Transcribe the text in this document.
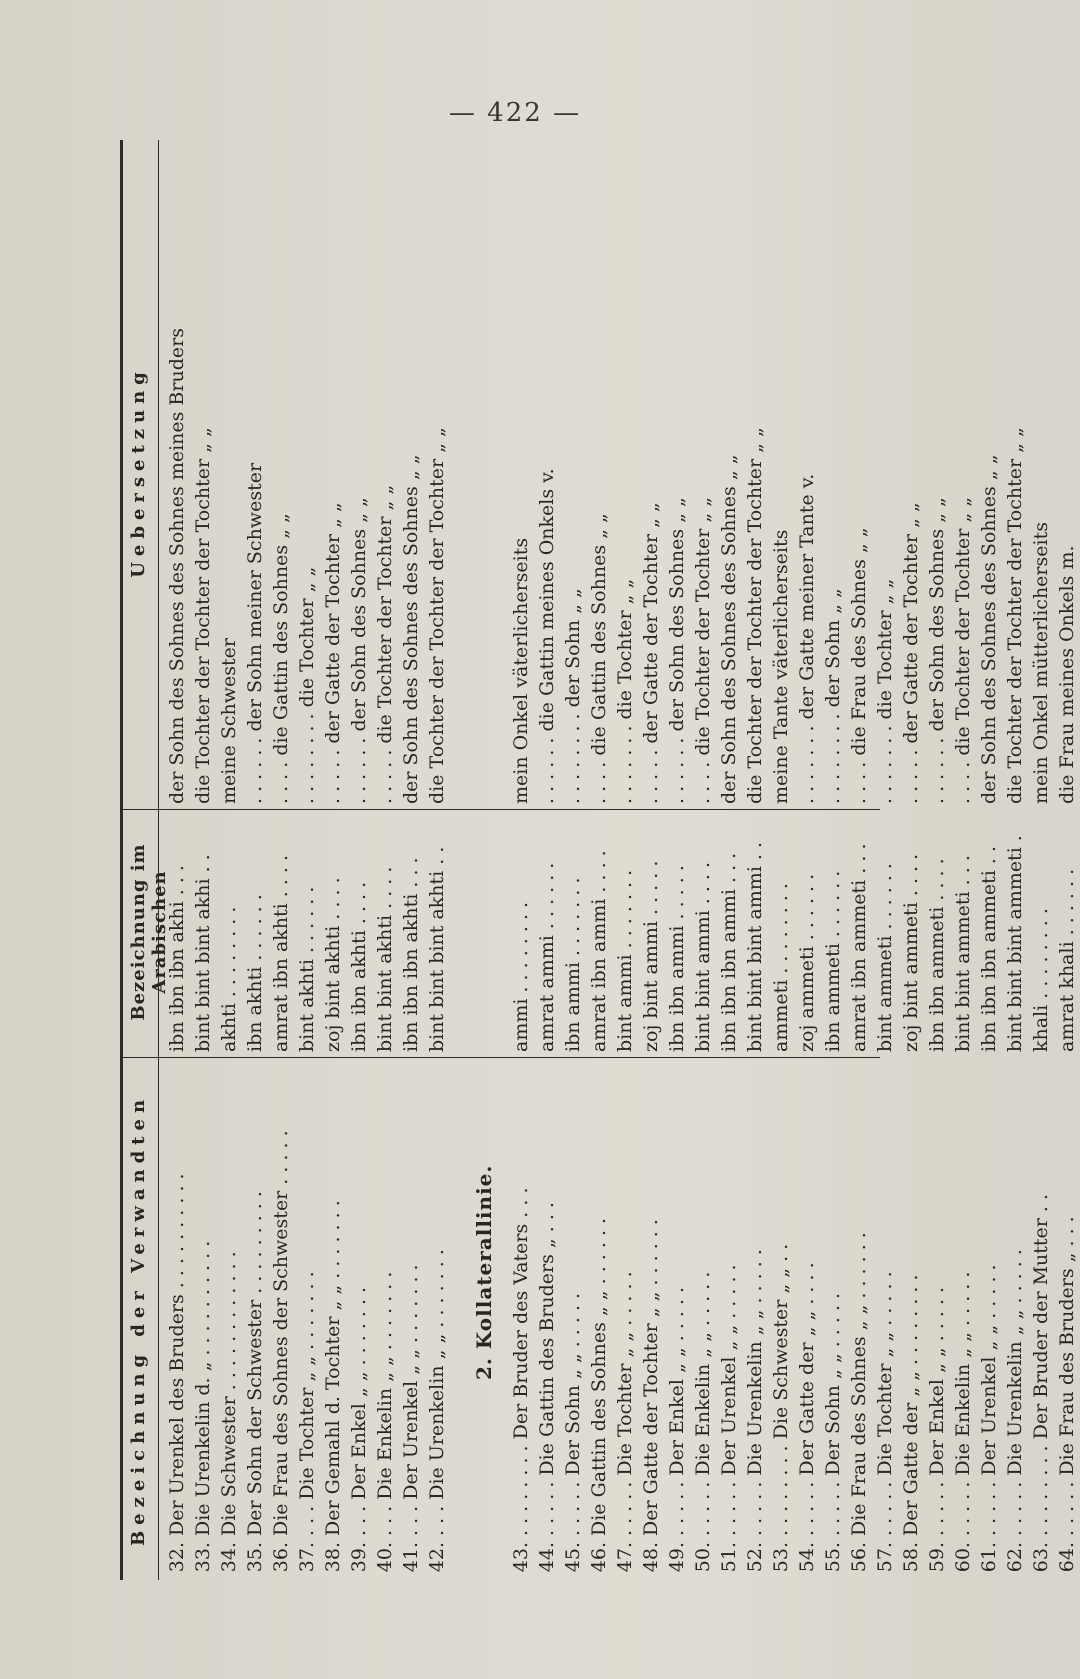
— 422 —
Bezeichnung der Verwandten
Bezeichnung im Arabischen
Uebersetzung
32.Der Urenkel des Bruders . . . . . . . . . .
ibn ibn ibn akhi . . .
der Sohn des Sohnes des Sohnes meines Bruders
33.Die Urenkelin d. „ . . . . . . . . . .
bint bint bint akhi . .
die Tochter der Tochter der Tochter „ „
34.Die Schwester . . . . . . . . . . . .
akhti . . . . . . . .
meine Schwester
35.Der Sohn der Schwester . . . . . . . . .
ibn akhti . . . . . .
. . . . . . der Sohn meiner Schwester
36.Die Frau des Sohnes der Schwester . . . . .
amrat ibn akhti . . . .
. . . . die Gattin des Sohnes „ „
37.. . . Die Tochter „ „ . . . . . . .
bint akhti . . . . . .
. . . . . . . . die Tochter „ „
38.Der Gemahl d. Tochter „ „ . . . . . . .
zoj bint akhti . . . .
. . . . . der Gatte der Tochter „ „
39.. . . Der Enkel „ „ . . . . . . .
ibn ibn akhti . . . .
. . . . . . der Sohn des Sohnes „ „
40.. . . Die Enkelin „ „ . . . . . . .
bint bint akhti . . . .
. . . . . die Tochter der Tochter „ „
41.. . . Der Urenkel „ „ . . . . . . .
ibn ibn ibn akhti . . .
der Sohn des Sohnes des Sohnes „ „
42.. . . Die Urenkelin „ „ . . . . . . .
bint bint bint akhti . .
die Tochter der Tochter der Tochter „ „
2. Kollaterallinie.
43.. . . . . . . . Der Bruder des Vaters . . .
ammi . . . . . . . .
mein Onkel väterlicherseits
44.. . . . . Die Gattin des Bruders „ . . .
amrat ammi . . . . . .
. . . . . . die Gattin meines Onkels v.
45.. . . . . Der Sohn „ „ . . . . .
ibn ammi . . . . . . .
. . . . . . . . der Sohn „ „
46.Die Gattin des Sohnes „ „ . . . . . .
amrat ibn ammi . . . .
. . . . die Gattin des Sohnes „ „
47.. . . . . Die Tochter „ „ . . . . .
bint ammi . . . . . . .
. . . . . . . die Tochter „ „
48.Der Gatte der Tochter „ „ . . . . . .
zoj bint ammi . . . . .
. . . . . der Gatte der Tochter „ „
49.. . . . . Der Enkel „ „ . . . . .
ibn ibn ammi . . . . .
. . . . . . der Sohn des Sohnes „ „
50.. . . . . Die Enkelin „ „ . . . . .
bint bint ammi . . . .
. . . . die Tochter der Tochter „ „
51.. . . . . Der Urenkel „ „ . . . . .
ibn ibn ibn ammi . . .
der Sohn des Sohnes des Sohnes „ „
52.. . . . . Die Urenkelin „ „ . . . . .
bint bint bint ammi . .
die Tochter der Tochter der Tochter „ „
53.. . . . . . . . Die Schwester „ „ . .
ammeti . . . . . . . .
meine Tante väterlicherseits
54.. . . . . Der Gatte der „ „ . . . .
zoj ammeti . . . . . .
. . . . . . . der Gatte meiner Tante v.
55.. . . . . Der Sohn „ „ . . . . .
ibn ammeti . . . . . .
. . . . . . . . der Sohn „ „
56.Die Frau des Sohnes „ „ . . . . . .
amrat ibn ammeti . . .
. . . . die Frau des Sohnes „ „
57.. . . . . Die Tochter „ „ . . . . .
bint ammeti . . . . . .
. . . . . . . die Tochter „ „
58.Der Gatte der „ „ . . . . . . . .
zoj bint ammeti . . . .
. . . . . der Gatte der Tochter „ „
59.. . . . . Der Enkel „ „ . . . . .
ibn ibn ammeti . . . .
. . . . . . der Sohn des Sohnes „ „
60.. . . . . Die Enkelin „ „ . . . . .
bint bint ammeti . . .
. . . . die Tochter der Tochter „ „
61.. . . . . Der Urenkel „ „ . . . . .
ibn ibn ibn ammeti . .
der Sohn des Sohnes des Sohnes „ „
62.. . . . . Die Urenkelin „ „ . . . . .
bint bint bint ammeti .
die Tochter der Tochter der Tochter „ „
63.. . . . . . . . Der Bruder der Mutter . .
khali . . . . . . . .
mein Onkel mütterlicherseits
64.. . . . . Die Frau des Bruders „ . . .
amrat khali . . . . . .
die Frau meines Onkels m.
